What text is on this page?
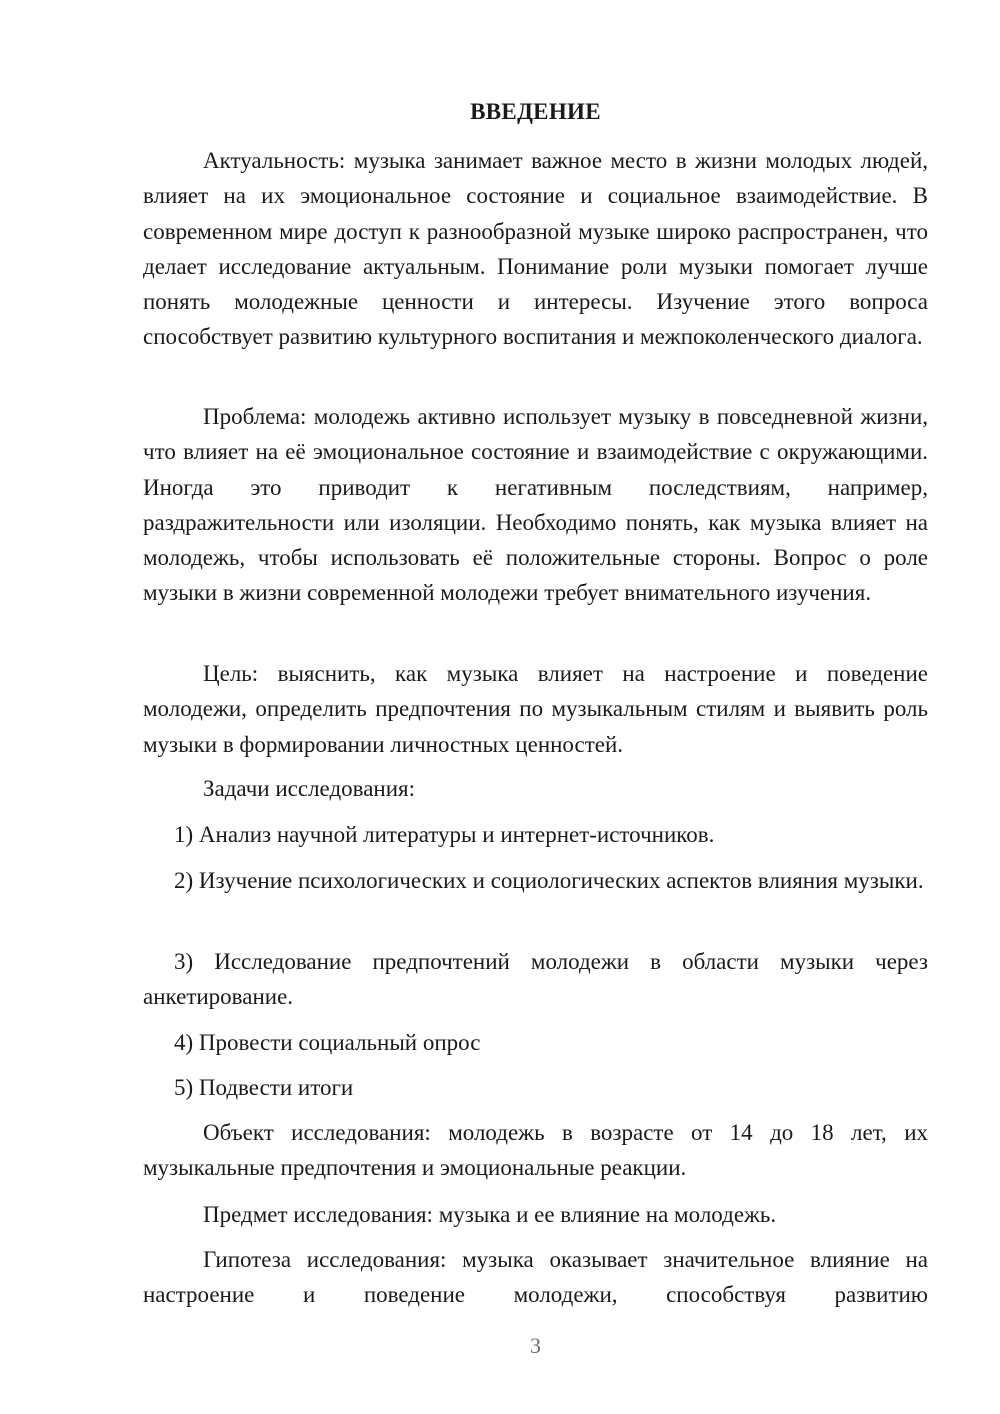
ВВЕДЕНИЕ

Актуальность: музыка занимает важное место в жизни молодых людей, влияет на их эмоциональное состояние и социальное взаимодействие. В современном мире доступ к разнообразной музыке широко распространен, что делает исследование актуальным. Понимание роли музыки помогает лучше понять молодежные ценности и интересы. Изучение этого вопроса способствует развитию культурного воспитания и межпоколенческого диалога.

Проблема: молодежь активно использует музыку в повседневной жизни, что влияет на её эмоциональное состояние и взаимодействие с окружающими. Иногда это приводит к негативным последствиям, например, раздражительности или изоляции. Необходимо понять, как музыка влияет на молодежь, чтобы использовать её положительные стороны. Вопрос о роле музыки в жизни современной молодежи требует внимательного изучения.

Цель: выяснить, как музыка влияет на настроение и поведение молодежи, определить предпочтения по музыкальным стилям и выявить роль музыки в формировании личностных ценностей.

Задачи исследования:

1) Анализ научной литературы и интернет-источников.

2) Изучение психологических и социологических аспектов влияния музыки.

3) Исследование предпочтений молодежи в области музыки через анкетирование.

4) Провести социальный опрос

5) Подвести итоги

Объект исследования: молодежь в возрасте от 14 до 18 лет, их музыкальные предпочтения и эмоциональные реакции.

Предмет исследования: музыка и ее влияние на молодежь.

Гипотеза исследования: музыка оказывает значительное влияние на настроение и поведение молодежи, способствуя развитию

3
